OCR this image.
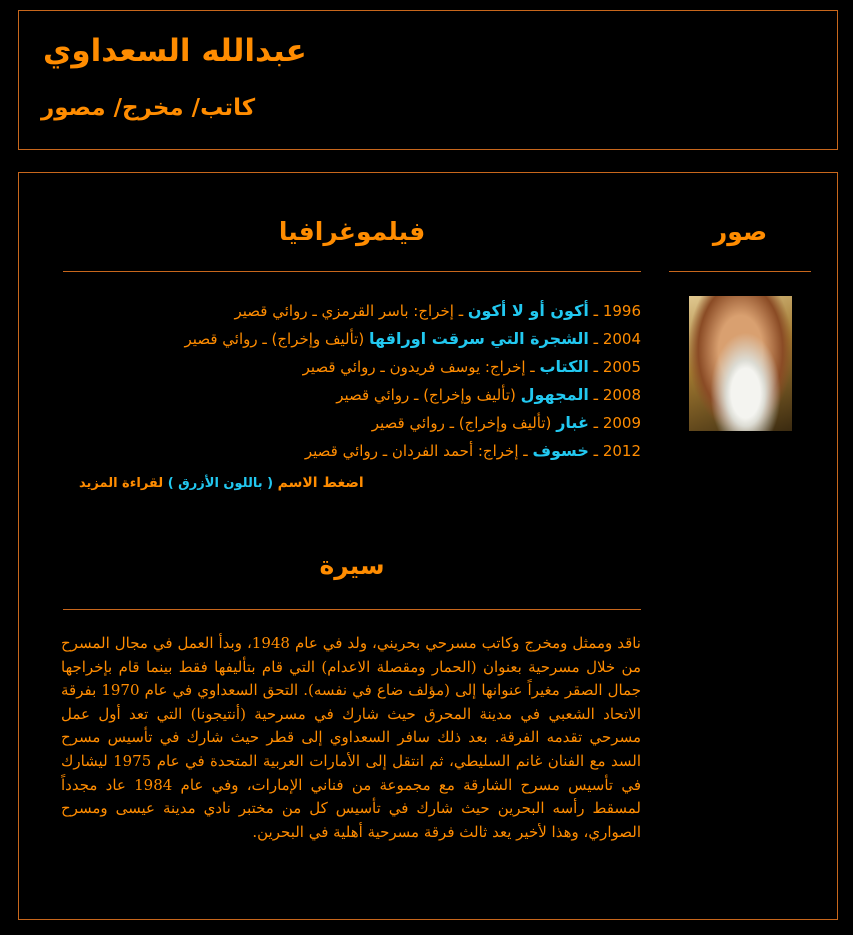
عبدالله السعداوي
كاتب/ مخرج/ مصور
صور
فيلموغرافيا
1996 ـ أكون أو لا أكون ـ إخراج: باسر القرمزي ـ روائي قصير
2004 ـ الشجرة التي سرقت اوراقها (تأليف وإخراج) ـ روائي قصير
2005 ـ الكتاب ـ إخراج: يوسف فريدون ـ روائي قصير
2008 ـ المجهول (تأليف وإخراج) ـ روائي قصير
2009 ـ غبار (تأليف وإخراج) ـ روائي قصير
2012 ـ خسوف ـ إخراج: أحمد الفردان ـ روائي قصير

اضغط الاسم ( باللون الأزرق ) لقراءة المزيد

سيرة

ناقد وممثل ومخرج وكاتب مسرحي بحريني، ولد في عام 1948، وبدأ العمل في مجال المسرح من خلال مسرحية بعنوان (الحمار ومقصلة الاعدام) التي قام بتأليفها فقط بينما قام بإخراجها جمال الصقر مغيراً عنوانها إلى (مؤلف ضاع في نفسه). التحق السعداوي في عام 1970 بفرقة الاتحاد الشعبي في مدينة المحرق حيث شارك في مسرحية (أنتيجونا) التي تعد أول عمل مسرحي تقدمه الفرقة. بعد ذلك سافر السعداوي إلى قطر حيث شارك في تأسيس مسرح السد مع الفنان غانم السليطي، ثم انتقل إلى الأمارات العربية المتحدة في عام 1975 ليشارك في تأسيس مسرح الشارقة مع مجموعة من فناني الإمارات، وفي عام 1984 عاد مجدداً لمسقط رأسه البحرين حيث شارك في تأسيس كل من مختبر نادي مدينة عيسى ومسرح الصواري، وهذا لأخير يعد ثالث فرقة مسرحية أهلية في البحرين.
